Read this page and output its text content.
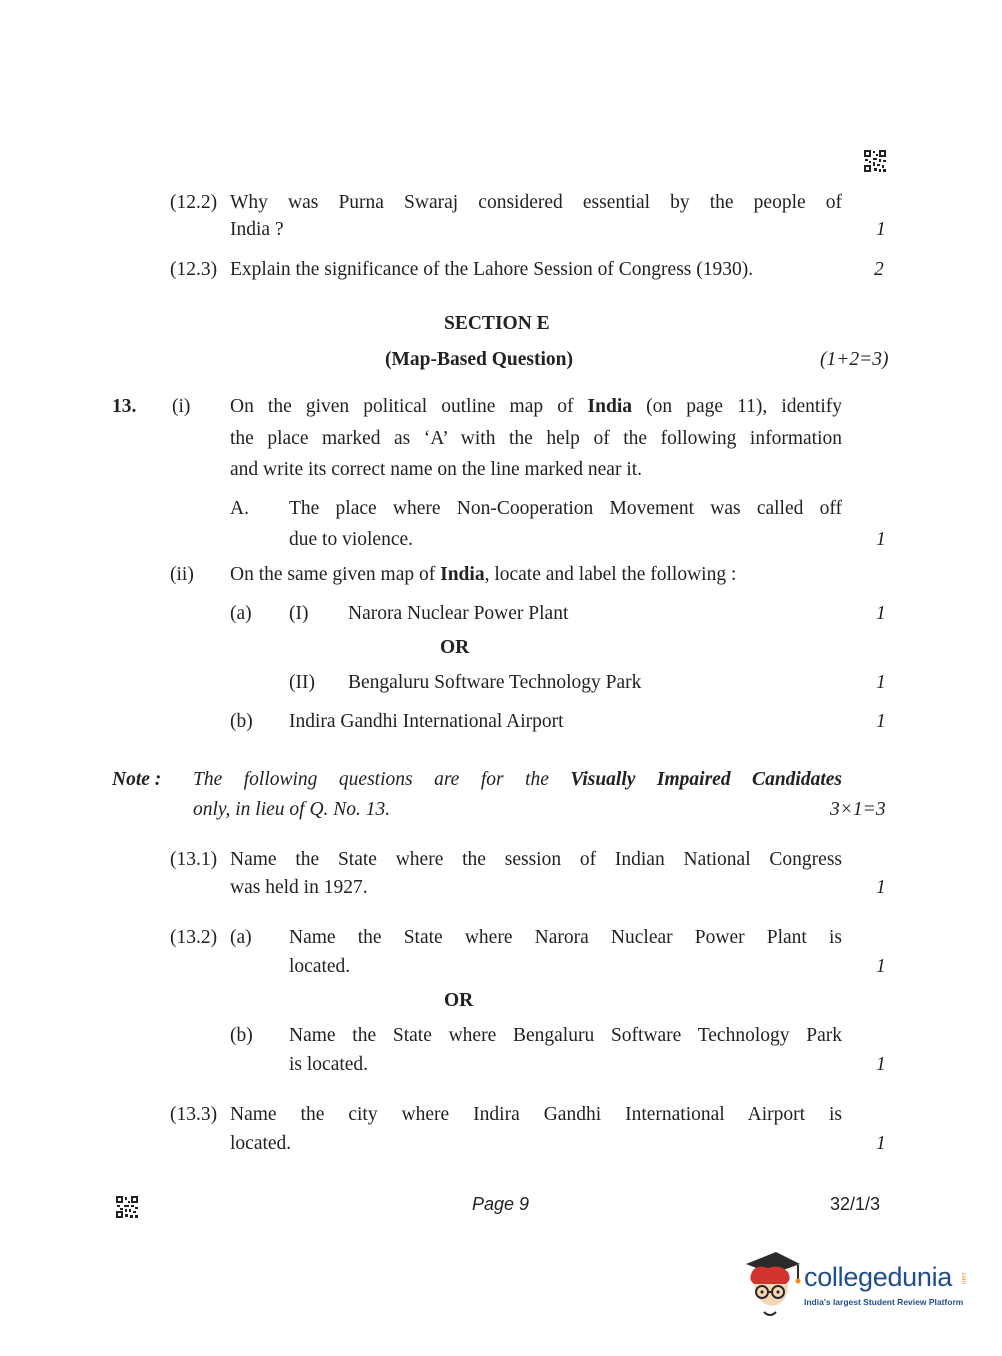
(12.2) Why was Purna Swaraj considered essential by the people of
India ?	1
(12.3) Explain the significance of the Lahore Session of Congress (1930).	2
SECTION E
(Map-Based Question)	(1+2=3)
13. (i) On the given political outline map of India (on page 11), identify
the place marked as ‘A’ with the help of the following information
and write its correct name on the line marked near it.
A. The place where Non-Cooperation Movement was called off
due to violence.	1
(ii) On the same given map of India, locate and label the following :
(a) (I) Narora Nuclear Power Plant	1
OR
(II) Bengaluru Software Technology Park	1
(b) Indira Gandhi International Airport	1
Note : The following questions are for the Visually Impaired Candidates
only, in lieu of Q. No. 13.	3×1=3
(13.1) Name the State where the session of Indian National Congress
was held in 1927.	1
(13.2) (a) Name the State where Narora Nuclear Power Plant is
located.	1
OR
(b) Name the State where Bengaluru Software Technology Park
is located.	1
(13.3) Name the city where Indira Gandhi International Airport is
located.	1
Page 9	32/1/3
collegedunia .com
India's largest Student Review Platform
